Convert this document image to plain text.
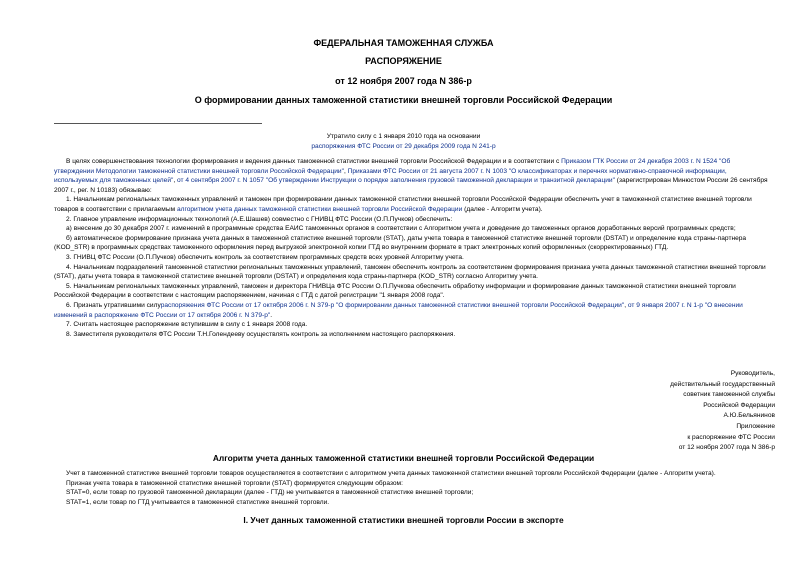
ФЕДЕРАЛЬНАЯ ТАМОЖЕННАЯ СЛУЖБА
РАСПОРЯЖЕНИЕ
от 12 ноября 2007 года N 386-р
О формировании данных таможенной статистики внешней торговли Российской Федерации
Утратило силу с 1 января 2010 года на основании
распоряжения ФТС России от 29 декабря 2009 года N 241-р

В целях совершенствования технологии формирования и ведения данных таможенной статистики внешней торговли Российской Федерации и в соответствии с Приказом ГТК России от 24 декабря 2003 г. N 1524 "Об утверждении Методологии таможенной статистики внешней торговли Российской Федерации", Приказами ФТС России от 21 августа 2007 г. N 1003 "О классификаторах и перечнях нормативно-справочной информации, используемых для таможенных целей", от 4 сентября 2007 г. N 1057 "Об утверждении Инструкции о порядке заполнения грузовой таможенной декларации и транзитной декларации" (зарегистрирован Минюстом России 26 сентября 2007 г., рег. N 10183) обязываю:

1. Начальникам региональных таможенных управлений и таможен при формировании данных таможенной статистики внешней торговли Российской Федерации обеспечить учет в таможенной статистике внешней торговли товаров в соответствии с прилагаемым алгоритмом учета данных таможенной статистики внешней торговли Российской Федерации (далее - Алгоритм учета).

2. Главное управление информационных технологий (А.Е.Шашев) совместно с ГНИВЦ ФТС России (О.П.Пучков) обеспечить:

а) внесение до 30 декабря 2007 г. изменений в программные средства ЕАИС таможенных органов в соответствии с Алгоритмом учета и доведение до таможенных органов доработанных версий программных средств;

б) автоматическое формирование признака учета данных в таможенной статистике внешней торговли (STAT), даты учета товара в таможенной статистике внешней торговли (DSTAT) и определение кода страны-партнера (KOD_STR) в программных средствах таможенного оформления перед выгрузкой электронной копии ГТД во внутренним формате в тракт электронных копий оформленных (скорректированных) ГТД.

3. ГНИВЦ ФТС России (О.П.Пучков) обеспечить контроль за соответствием программных средств всех уровней Алгоритму учета.

4. Начальникам подразделений таможенной статистики региональных таможенных управлений, таможен обеспечить контроль за соответствием формирования признака учета данных таможенной статистики внешней торговли (STAT), даты учета товара в таможенной статистике внешней торговли (DSTAT) и определения кода страны-партнера (KOD_STR) согласно Алгоритму учета.

5. Начальникам региональных таможенных управлений, таможен и директора ГНИВЦа ФТС России О.П.Пучкова обеспечить обработку информации и формирование данных таможенной статистики внешней торговли Российской Федерации в соответствии с настоящим распоряжением, начиная с ГТД с датой регистрации "1 января 2008 года".

6. Признать утратившими силураспоряжения ФТС России от 17 октября 2006 г. N 379-р "О формировании данных таможенной статистики внешней торговли Российской Федерации", от 9 января 2007 г. N 1-р "О внесении изменений в распоряжение ФТС России от 17 октября 2006 г. N 379-р".

7. Считать настоящее распоряжение вступившим в силу с 1 января 2008 года.

8. Заместителя руководителя ФТС России Т.Н.Голендееву осуществлять контроль за исполнением настоящего распоряжения.

Руководитель,
действительный государственный
советник таможенной службы
Российской Федерации
А.Ю.Бельянинов
Приложение
к распоряжение ФТС России
от 12 ноября 2007 года N 386-р
Алгоритм учета данных таможенной статистики внешней торговли Российской Федерации

Учет в таможенной статистике внешней торговли товаров осуществляется в соответствии с алгоритмом учета данных таможенной статистики внешней торговли Российской Федерации (далее - Алгоритм учета).

Признак учета товара в таможенной статистике внешней торговли (STAT) формируется следующим образом:

STAT=0, если товар по грузовой таможенной декларации (далее - ГТД) не учитывается в таможенной статистике внешней торговли;

STAT=1, если товар по ГТД учитывается в таможенной статистике внешней торговли.

I. Учет данных таможенной статистики внешней торговли России в экспорте
